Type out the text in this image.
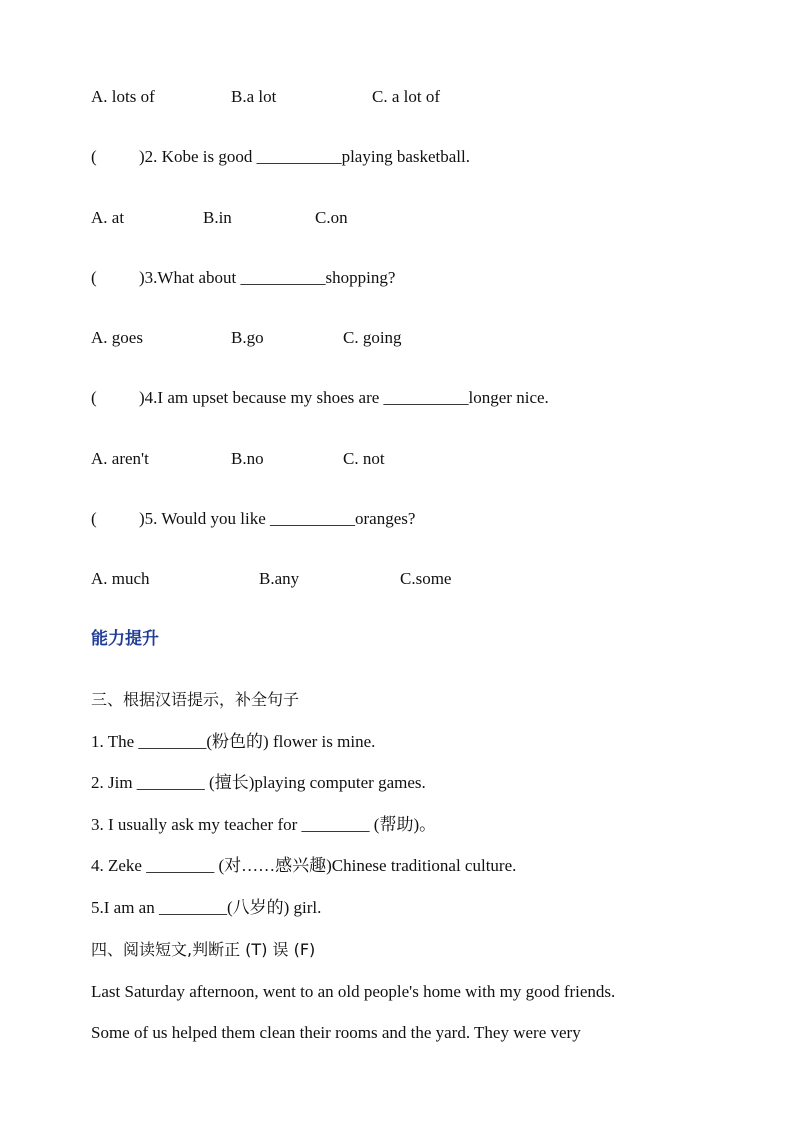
A. lots of	B.a lot	C. a lot of
( )2. Kobe is good __________playing basketball.
A. at	B.in	C.on
( )3.What about __________shopping?
A. goes	B.go	C. going
( )4.I am upset because my shoes are __________longer nice.
A. aren't	B.no	C. not
( )5. Would you like __________oranges?
A. much	B.any	C.some
能力提升
三、根据汉语提示，补全句子
1. The ________(粉色的) flower is mine.
2. Jim ________ (擅长)playing computer games.
3. I usually ask my teacher for ________ (帮助)。
4. Zeke ________ (对……感兴趣)Chinese traditional culture.
5.I am an ________(八岁的) girl.
四、阅读短文,判断正 (T) 误 (F)
Last Saturday afternoon, went to an old people's home with my good friends.
Some of us helped them clean their rooms and the yard. They were very
